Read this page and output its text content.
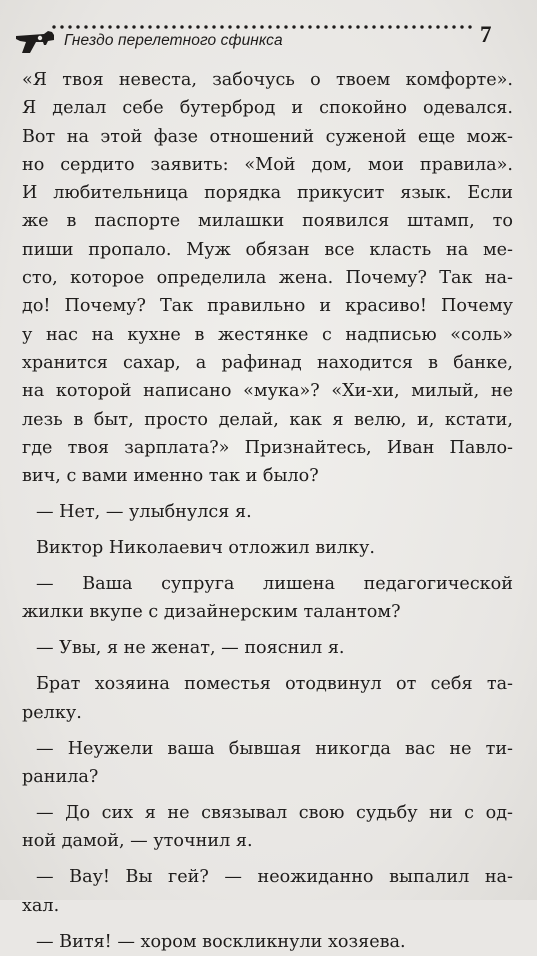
Гнездо перелетного сфинкса	7
«Я твоя невеста, забочусь о твоем комфорте».
Я делал себе бутерброд и спокойно одевался.
Вот на этой фазе отношений суженой еще мож-
но сердито заявить: «Мой дом, мои правила».
И любительница порядка прикусит язык. Если
же в паспорте милашки появился штамп, то
пиши пропало. Муж обязан все класть на ме-
сто, которое определила жена. Почему? Так на-
до! Почему? Так правильно и красиво! Почему
у нас на кухне в жестянке с надписью «соль»
хранится сахар, а рафинад находится в банке,
на которой написано «мука»? «Хи-хи, милый, не
лезь в быт, просто делай, как я велю, и, кстати,
где твоя зарплата?» Признайтесь, Иван Павло-
вич, с вами именно так и было?
— Нет, — улыбнулся я.
Виктор Николаевич отложил вилку.
— Ваша супруга лишена педагогической
жилки вкупе с дизайнерским талантом?
— Увы, я не женат, — пояснил я.
Брат хозяина поместья отодвинул от себя та-
релку.
— Неужели ваша бывшая никогда вас не ти-
ранила?
— До сих я не связывал свою судьбу ни с од-
ной дамой, — уточнил я.
— Вау! Вы гей? — неожиданно выпалил на-
хал.
— Витя! — хором воскликнули хозяева.
